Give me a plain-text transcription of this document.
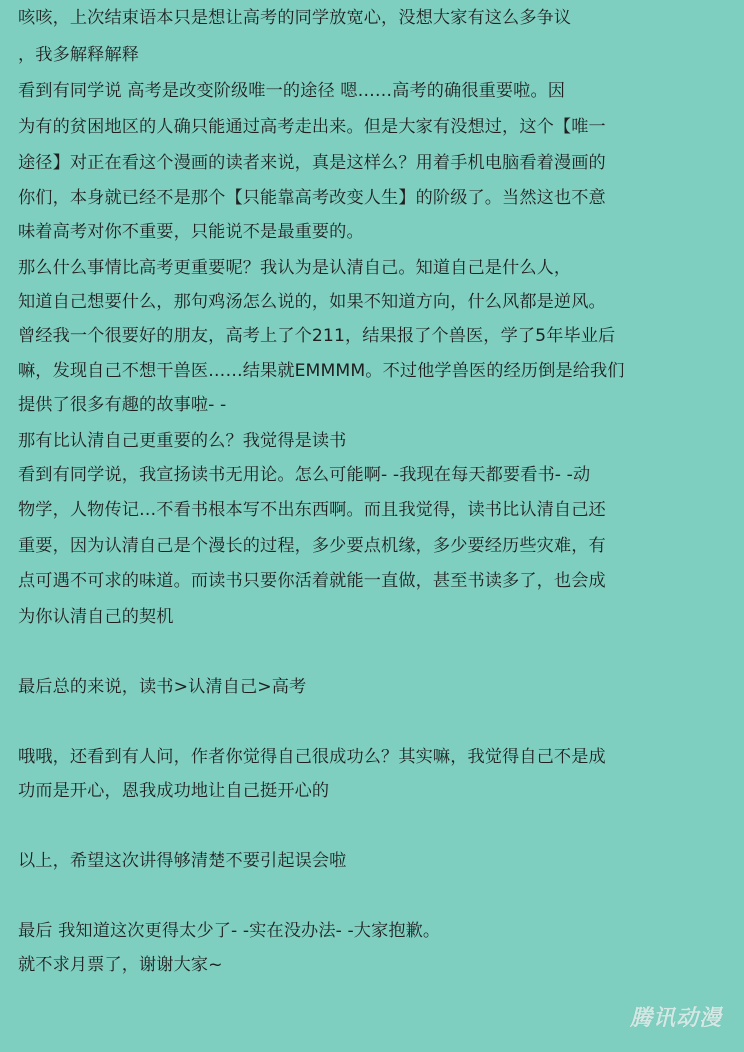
咳咳，上次结束语本只是想让高考的同学放宽心，没想大家有这么多争议
，我多解释解释
看到有同学说 高考是改变阶级唯一的途径 嗯……高考的确很重要啦。因
为有的贫困地区的人确只能通过高考走出来。但是大家有没想过，这个【唯一
途径】对正在看这个漫画的读者来说，真是这样么？用着手机电脑看着漫画的
你们，本身就已经不是那个【只能靠高考改变人生】的阶级了。当然这也不意
味着高考对你不重要，只能说不是最重要的。
那么什么事情比高考更重要呢？我认为是认清自己。知道自己是什么人，
知道自己想要什么，那句鸡汤怎么说的，如果不知道方向，什么风都是逆风。
曾经我一个很要好的朋友，高考上了个211，结果报了个兽医，学了5年毕业后
嘛，发现自己不想干兽医……结果就EMMMM。不过他学兽医的经历倒是给我们
提供了很多有趣的故事啦- -
那有比认清自己更重要的么？我觉得是读书
看到有同学说，我宣扬读书无用论。怎么可能啊- -我现在每天都要看书- -动
物学，人物传记…不看书根本写不出东西啊。而且我觉得，读书比认清自己还
重要，因为认清自己是个漫长的过程，多少要点机缘，多少要经历些灾难，有
点可遇不可求的味道。而读书只要你活着就能一直做，甚至书读多了，也会成
为你认清自己的契机
最后总的来说，读书>认清自己>高考
哦哦，还看到有人问，作者你觉得自己很成功么？其实嘛，我觉得自己不是成
功而是开心，恩我成功地让自己挺开心的
以上，希望这次讲得够清楚不要引起误会啦
最后 我知道这次更得太少了- -实在没办法- -大家抱歉。
就不求月票了，谢谢大家~
腾讯动漫
